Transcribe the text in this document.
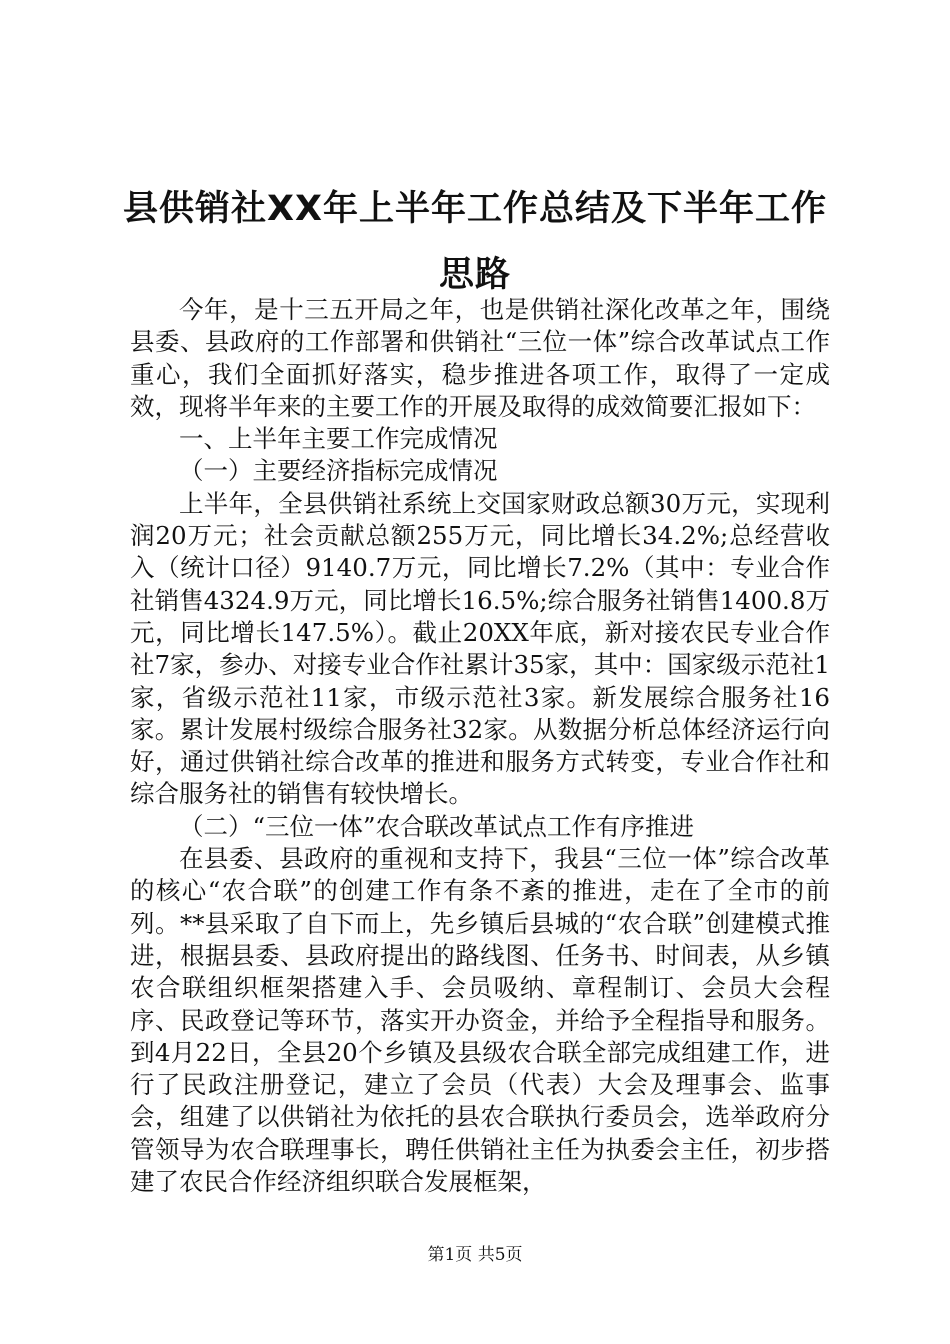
县供销社XX年上半年工作总结及下半年工作思路

今年，是十三五开局之年，也是供销社深化改革之年，围绕县委、县政府的工作部署和供销社“三位一体”综合改革试点工作重心，我们全面抓好落实，稳步推进各项工作，取得了一定成效，现将半年来的主要工作的开展及取得的成效简要汇报如下：

一、上半年主要工作完成情况

（一）主要经济指标完成情况

上半年，全县供销社系统上交国家财政总额30万元，实现利润20万元；社会贡献总额255万元，同比增长34.2%;总经营收入（统计口径）9140.7万元，同比增长7.2%（其中：专业合作社销售4324.9万元，同比增长16.5%;综合服务社销售1400.8万元，同比增长147.5%）。截止20XX年底，新对接农民专业合作社7家，参办、对接专业合作社累计35家，其中：国家级示范社1家，省级示范社11家，市级示范社3家。新发展综合服务社16家。累计发展村级综合服务社32家。从数据分析总体经济运行向好，通过供销社综合改革的推进和服务方式转变，专业合作社和综合服务社的销售有较快增长。

（二）“三位一体”农合联改革试点工作有序推进

在县委、县政府的重视和支持下，我县“三位一体”综合改革的核心“农合联”的创建工作有条不紊的推进，走在了全市的前列。**县采取了自下而上，先乡镇后县城的“农合联”创建模式推进，根据县委、县政府提出的路线图、任务书、时间表，从乡镇农合联组织框架搭建入手、会员吸纳、章程制订、会员大会程序、民政登记等环节，落实开办资金，并给予全程指导和服务。到4月22日，全县20个乡镇及县级农合联全部完成组建工作，进行了民政注册登记，建立了会员（代表）大会及理事会、监事会，组建了以供销社为依托的县农合联执行委员会，选举政府分管领导为农合联理事长，聘任供销社主任为执委会主任，初步搭建了农民合作经济组织联合发展框架，

第1页 共5页
